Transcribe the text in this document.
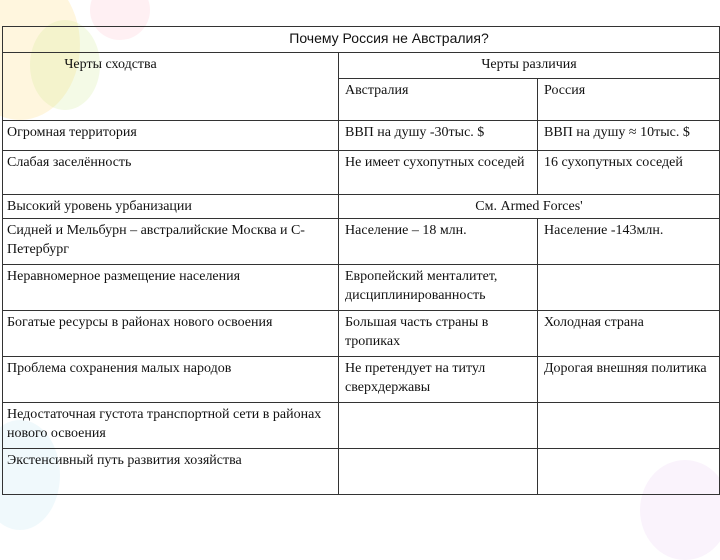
Почему Россия не Австралия?		
Черты сходства	Черты различия	
	Австралия	Россия
Огромная территория	ВВП на душу -30тыс. $	ВВП на душу ≈ 10тыс. $
Слабая заселённость	Не имеет сухопутных соседей	16 сухопутных соседей
Высокий уровень урбанизации	См. Armed Forces'	
Сидней и Мельбурн – австралийские Москва и С-Петербург	Население – 18 млн.	Население -143млн.
Неравномерное размещение населения	Европейский менталитет, дисциплинированность	
Богатые ресурсы в районах нового освоения	Большая часть страны в тропиках	Холодная страна
Проблема сохранения малых народов	Не претендует на титул сверхдержавы	Дорогая внешняя политика
Недостаточная густота транспортной сети в районах нового освоения		
Экстенсивный путь развития хозяйства		
